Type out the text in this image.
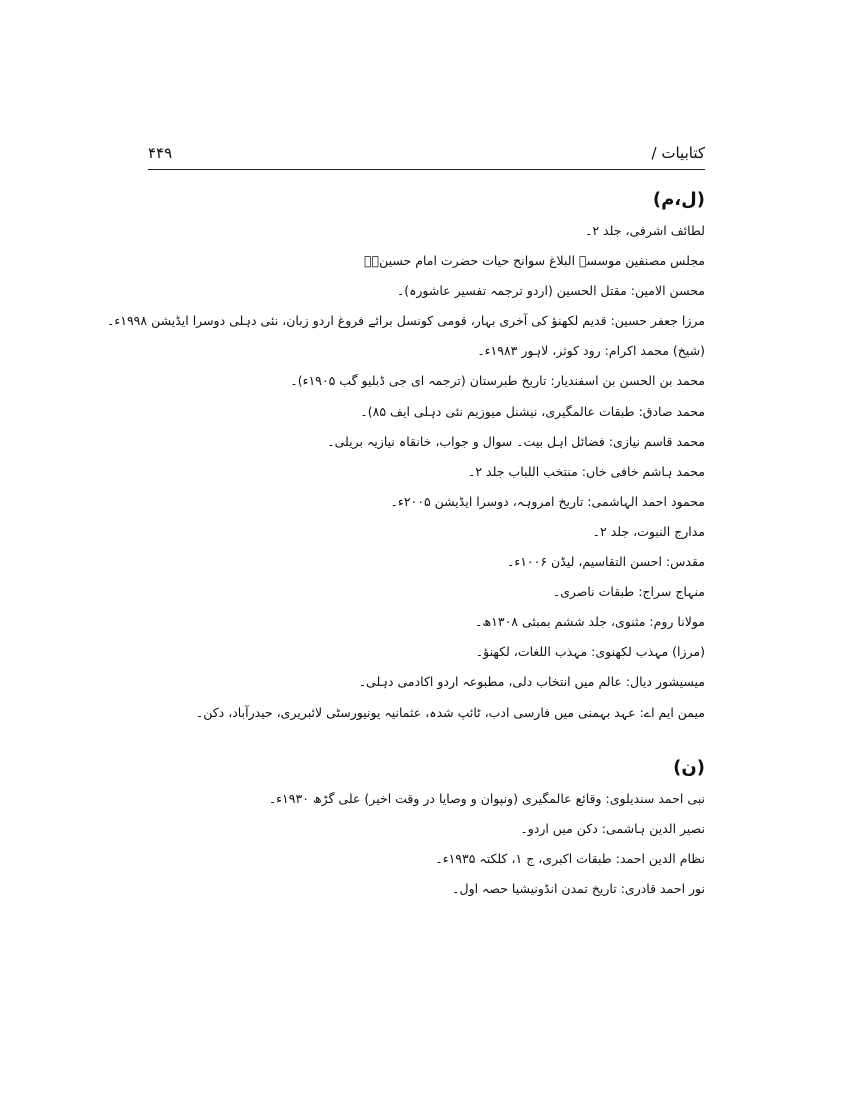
کتابیات /
۴۴۹
(ل،م)
لطائف اشرفی، جلد ۲۔
مجلس مصنفین موسسہ البلاغ سوانح حیات حضرت امام حسینؑ۔
محسن الامین: مقتل الحسین (اردو ترجمہ تفسیر عاشورہ)۔
مرزا جعفر حسین: قدیم لکھنؤ کی آخری بہار، قومی کونسل برائے فروغ اردو زبان، نئی دہلی دوسرا ایڈیشن ۱۹۹۸ء۔
(شیخ) محمد اکرام: رود کوثر، لاہور ۱۹۸۳ء۔
محمد بن الحسن بن اسفندیار: تاریخ طبرستان (ترجمہ ای جی ڈبلیو گب ۱۹۰۵ء)۔
محمد صادق: طبقات عالمگیری، نیشنل میوزیم نئی دہلی ایف ۸۵)۔
محمد قاسم نیازی: فضائل اہل بیت۔ سوال و جواب، خانقاہ نیازیہ بریلی۔
محمد ہاشم خافی خاں: منتخب اللباب جلد ۲۔
محمود احمد الہاشمی: تاریخ امروہہ، دوسرا ایڈیشن ۲۰۰۵ء۔
مدارج النبوت، جلد ۲۔
مقدس: احسن التقاسیم، لیڈن ۱۰۰۶ء۔
منہاج سراج: طبقات ناصری۔
مولانا روم: مثنوی، جلد ششم بمبئی ۱۳۰۸ھ۔
(مرزا) مہذب لکھنوی: مہذب اللغات، لکھنؤ۔
میسیشور دیال: عالم میں انتخاب دلی، مطبوعہ اردو اکادمی دہلی۔
میمن ایم اے: عہد بہمنی میں فارسی ادب، ٹائپ شدہ، عثمانیہ یونیورسٹی لائبریری، حیدرآباد، دکن۔
(ن)
نبی احمد سندیلوی: وقائع عالمگیری (ونپوان و وصایا در وقت اخیر) علی گڑھ ۱۹۳۰ء۔
نصیر الدین ہاشمی: دکن میں اردو۔
نظام الدین احمد: طبقات اکبری، ج ۱، کلکتہ ۱۹۳۵ء۔
نور احمد قادری: تاریخ تمدن انڈونیشیا حصہ اول۔
